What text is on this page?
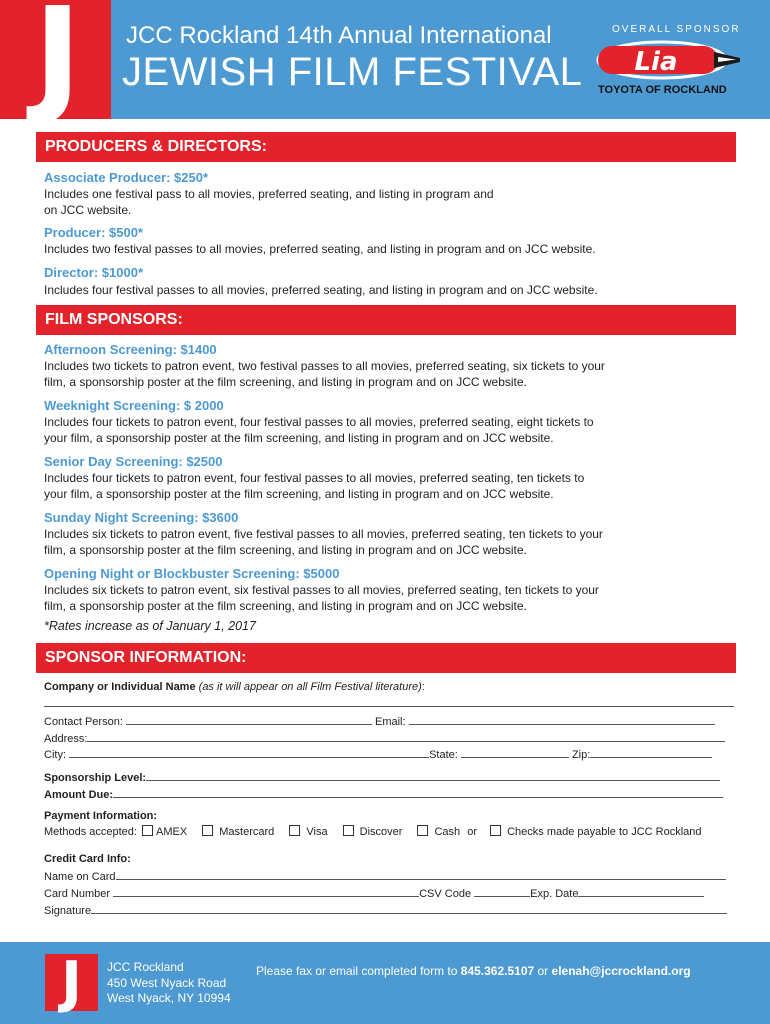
J	JCC Rockland 14th Annual International
JEWISH FILM FESTIVAL
OVERALL SPONSOR
Lia
TOYOTA OF ROCKLAND
PRODUCERS & DIRECTORS:
Associate Producer: $250*
Includes one festival pass to all movies, preferred seating, and listing in program and
on JCC website.
Producer: $500*
Includes two festival passes to all movies, preferred seating, and listing in program and on JCC website.
Director: $1000*
Includes four festival passes to all movies, preferred seating, and listing in program and on JCC website.
FILM SPONSORS:
Afternoon Screening: $1400
Includes two tickets to patron event, two festival passes to all movies, preferred seating, six tickets to your
film, a sponsorship poster at the film screening, and listing in program and on JCC website.
Weeknight Screening: $ 2000
Includes four tickets to patron event, four festival passes to all movies, preferred seating, eight tickets to
your film, a sponsorship poster at the film screening, and listing in program and on JCC website.
Senior Day Screening: $2500
Includes four tickets to patron event, four festival passes to all movies, preferred seating, ten tickets to
your film, a sponsorship poster at the film screening, and listing in program and on JCC website.
Sunday Night Screening: $3600
Includes six tickets to patron event, five festival passes to all movies, preferred seating, ten tickets to your
film, a sponsorship poster at the film screening, and listing in program and on JCC website.
Opening Night or Blockbuster Screening: $5000
Includes six tickets to patron event, six festival passes to all movies, preferred seating, ten tickets to your
film, a sponsorship poster at the film screening, and listing in program and on JCC website.
*Rates increase as of January 1, 2017
SPONSOR INFORMATION:
Company or Individual Name (as it will appear on all Film Festival literature):
Contact Person:	Email:
Address:
City:	State:	Zip:
Sponsorship Level:
Amount Due:
Payment Information:
Methods accepted: AMEX	Mastercard	Visa	Discover	Cash or	Checks made payable to JCC Rockland
Credit Card Info:
Name on Card
Card Number	CSV Code	Exp. Date
Signature
J	JCC Rockland
450 West Nyack Road
West Nyack, NY 10994
Please fax or email completed form to 845.362.5107 or elenah@jccrockland.org
